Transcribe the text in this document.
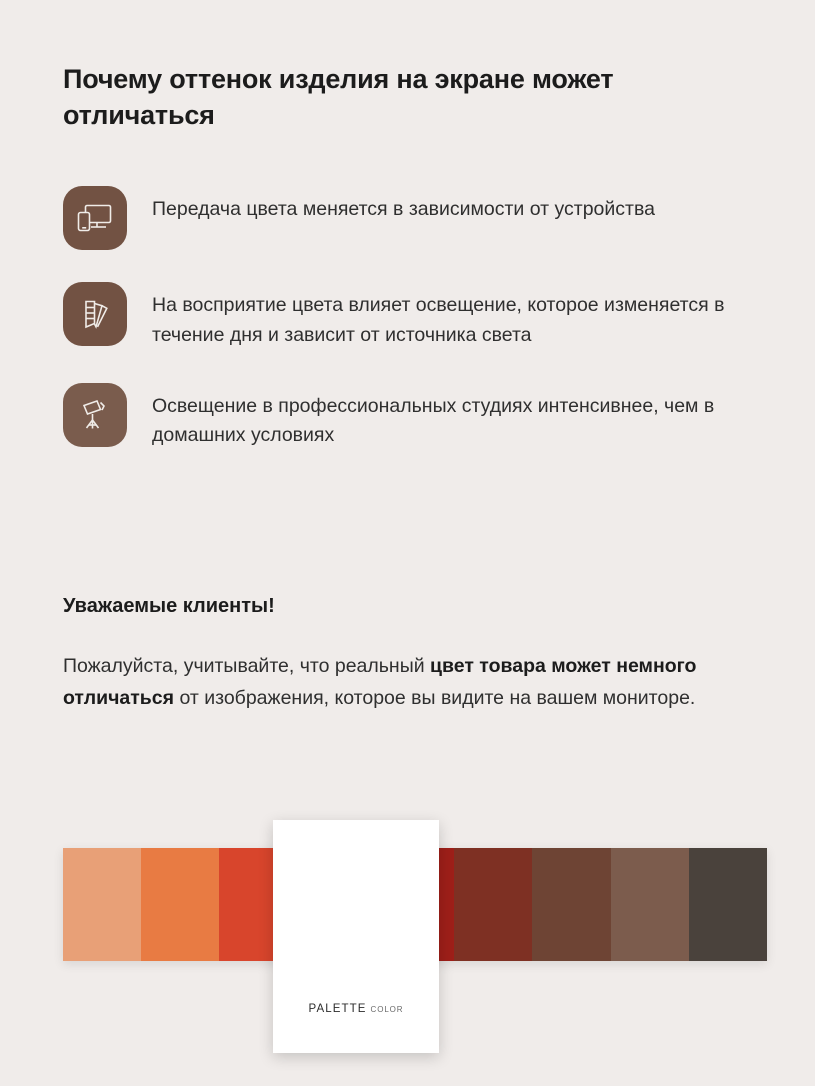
Почему оттенок изделия на экране может отличаться
Передача цвета меняется в зависимости от устройства
На восприятие цвета влияет освещение, которое изменяется в течение дня и зависит от источника света
Освещение в профессиональных студиях интенсивнее, чем в домашних условиях
Уважаемые клиенты!
Пожалуйста, учитывайте, что реальный цвет товара может немного отличаться от изображения, которое вы видите на вашем мониторе.
PALETTE COLOR
